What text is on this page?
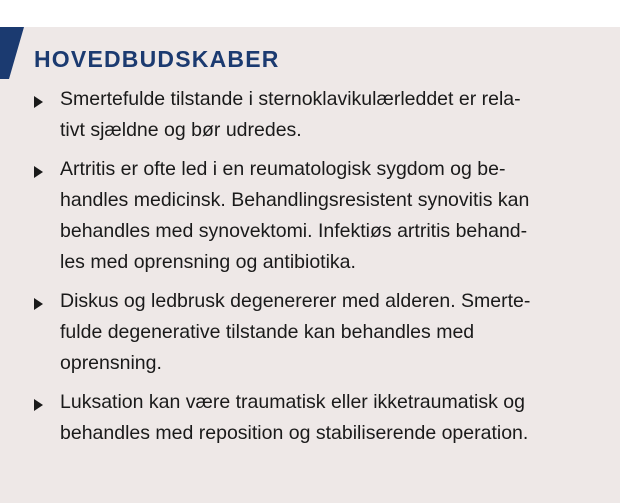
HOVEDBUDSKABER
Smertefulde tilstande i sternoklavikulærleddet er rela-
tivt sjældne og bør udredes.
Artritis er ofte led i en reumatologisk sygdom og be-
handles medicinsk. Behandlingsresistent synovitis kan
behandles med synovektomi. Infektiøs artritis behand-
les med oprensning og antibiotika.
Diskus og ledbrusk degenererer med alderen. Smerte-
fulde degenerative tilstande kan behandles med
oprensning.
Luksation kan være traumatisk eller ikketraumatisk og
behandles med reposition og stabiliserende operation.
